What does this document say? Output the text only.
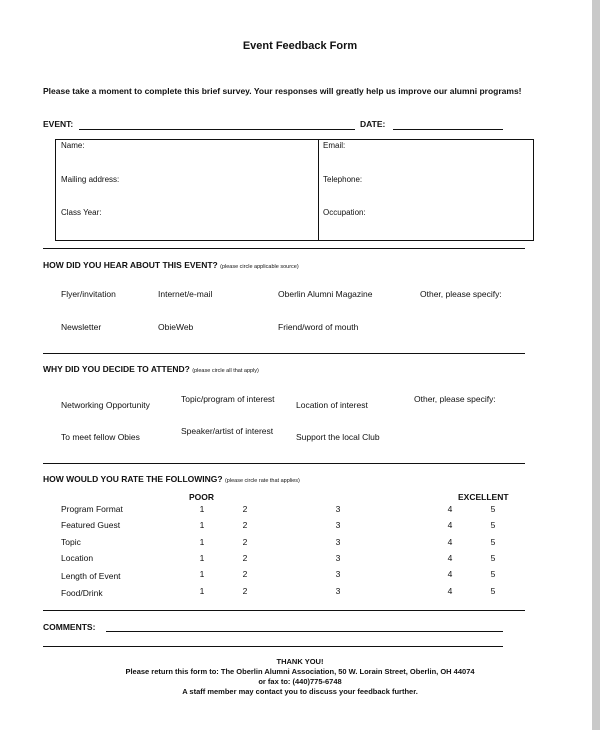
Event Feedback Form
Please take a moment to complete this brief survey. Your responses will greatly help us improve our alumni programs!
EVENT:	DATE:
Name:	Email:
Mailing address:	Telephone:
Class Year:	Occupation:
HOW DID YOU HEAR ABOUT THIS EVENT? (please circle applicable source)
Flyer/invitation	Internet/e-mail	Oberlin Alumni Magazine	Other, please specify:
Newsletter	ObieWeb	Friend/word of mouth
WHY DID YOU DECIDE TO ATTEND? (please circle all that apply)
Networking Opportunity
Topic/program of interest
Location of interest
Other, please specify:
To meet fellow Obies
Speaker/artist of interest
Support the local Club
HOW WOULD YOU RATE THE FOLLOWING? (please circle rate that applies)
POOR	EXCELLENT
Program Format	1	2	3	4	5
Featured Guest	1	2	3	4	5
Topic	1	2	3	4	5
Location	1	2	3	4	5
Length of Event	1	2	3	4	5
Food/Drink	1	2	3	4	5
COMMENTS:
THANK YOU!
Please return this form to: The Oberlin Alumni Association, 50 W. Lorain Street, Oberlin, OH 44074
or fax to: (440)775-6748
A staff member may contact you to discuss your feedback further.
